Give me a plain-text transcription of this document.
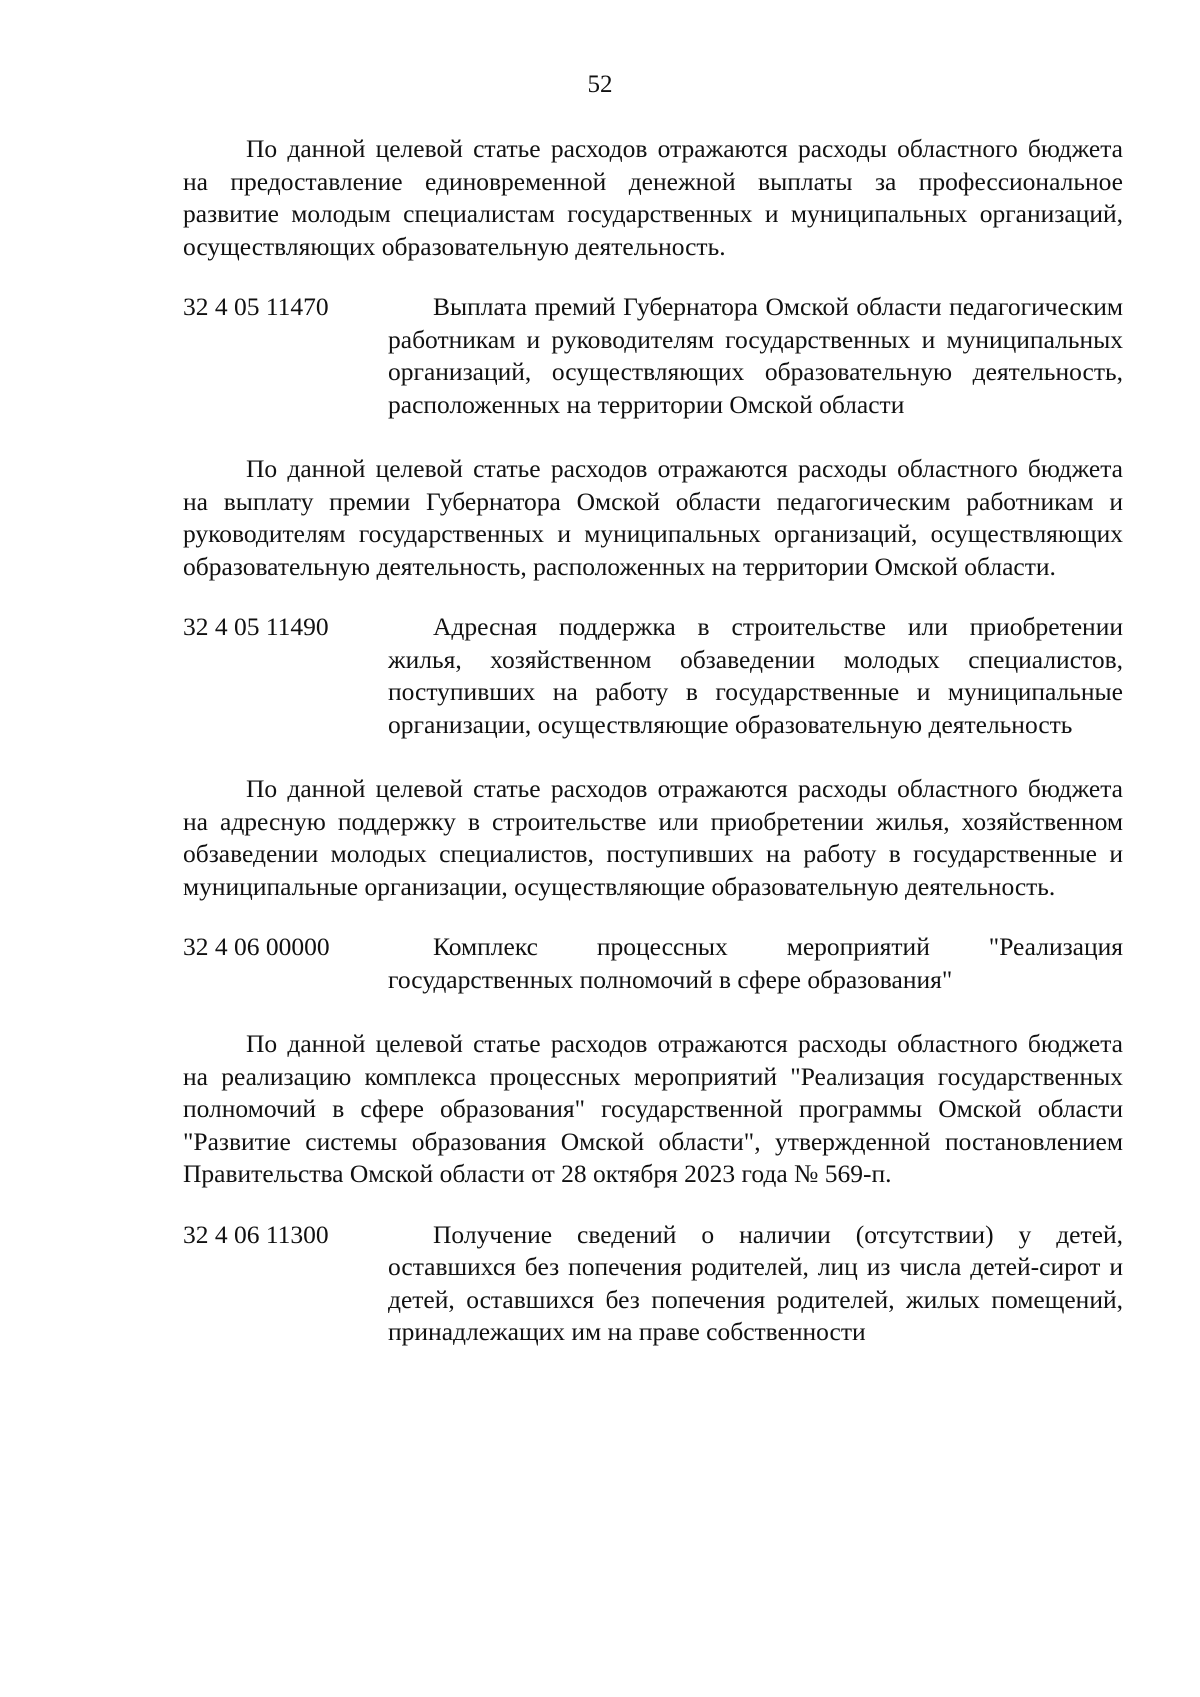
52

По данной целевой статье расходов отражаются расходы областного бюджета на предоставление единовременной денежной выплаты за профессиональное развитие молодым специалистам государственных и муниципальных организаций, осуществляющих образовательную деятельность.

32 4 05 11470	Выплата премий Губернатора Омской области педагогическим работникам и руководителям государственных и муниципальных организаций, осуществляющих образовательную деятельность, расположенных на территории Омской области

По данной целевой статье расходов отражаются расходы областного бюджета на выплату премии Губернатора Омской области педагогическим работникам и руководителям государственных и муниципальных организаций, осуществляющих образовательную деятельность, расположенных на территории Омской области.

32 4 05 11490	Адресная поддержка в строительстве или приобретении жилья, хозяйственном обзаведении молодых специалистов, поступивших на работу в государственные и муниципальные организации, осуществляющие образовательную деятельность

По данной целевой статье расходов отражаются расходы областного бюджета на адресную поддержку в строительстве или приобретении жилья, хозяйственном обзаведении молодых специалистов, поступивших на работу в государственные и муниципальные организации, осуществляющие образовательную деятельность.

32 4 06 00000	Комплекс процессных мероприятий "Реализация государственных полномочий в сфере образования"

По данной целевой статье расходов отражаются расходы областного бюджета на реализацию комплекса процессных мероприятий "Реализация государственных полномочий в сфере образования" государственной программы Омской области "Развитие системы образования Омской области", утвержденной постановлением Правительства Омской области от 28 октября 2023 года № 569-п.

32 4 06 11300	Получение сведений о наличии (отсутствии) у детей, оставшихся без попечения родителей, лиц из числа детей-сирот и детей, оставшихся без попечения родителей, жилых помещений, принадлежащих им на праве собственности
